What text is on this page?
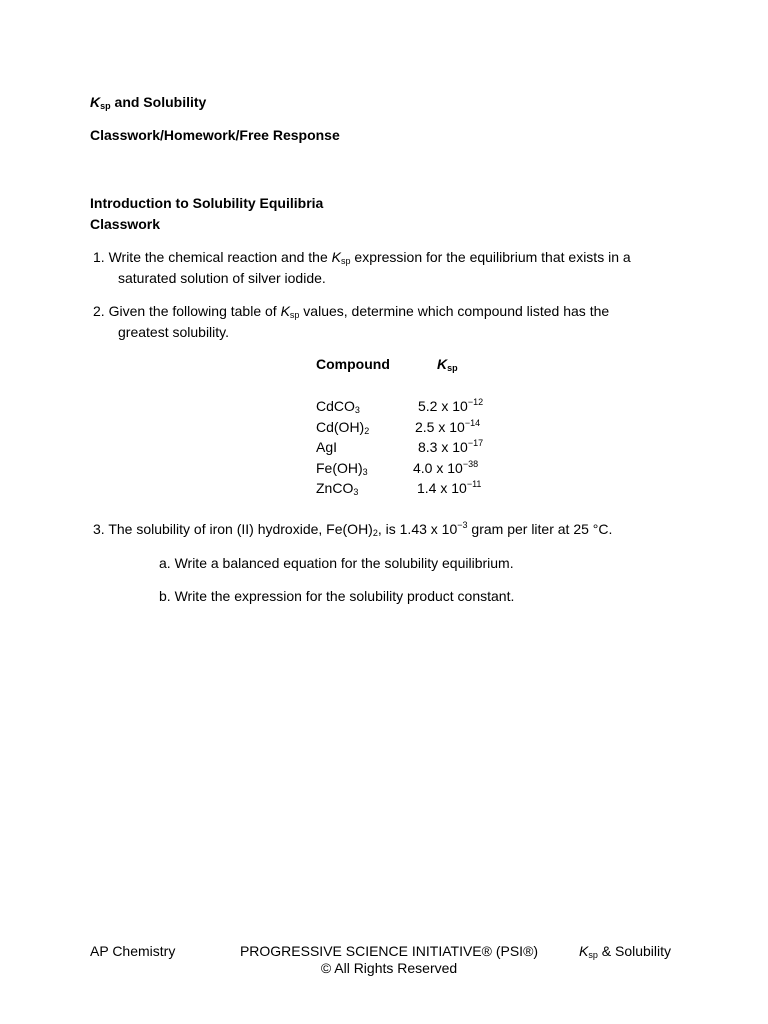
$K_{sp}$ and Solubility
Classwork/Homework/Free Response
Introduction to Solubility Equilibria
Classwork
1. Write the chemical reaction and the $K_{sp}$ expression for the equilibrium that exists in a
saturated solution of silver iodide.
2. Given the following table of $K_{sp}$ values, determine which compound listed has the
greatest solubility.
Compound	$K_{sp}$
CdCO$_3$	5.2 x $10^{-12}$
$Cd(OH)_2$	2.5 x $10^{-14}$
AgI	8.3 x $10^{-17}$
$Fe(OH)_3$	4.0 x $10^{-38}$
ZnCO$_3$	1.4 x $10^{-11}$
3. The solubility of iron (II) hydroxide, $Fe(OH)_2$, is 1.43 x $10^{-3}$ gram per liter at 25 °C.
a. Write a balanced equation for the solubility equilibrium.
b. Write the expression for the solubility product constant.
AP Chemistry	PROGRESSIVE SCIENCE INITIATIVE® (PSI®)
© All Rights Reserved
$K_{sp}$ & Solubility
